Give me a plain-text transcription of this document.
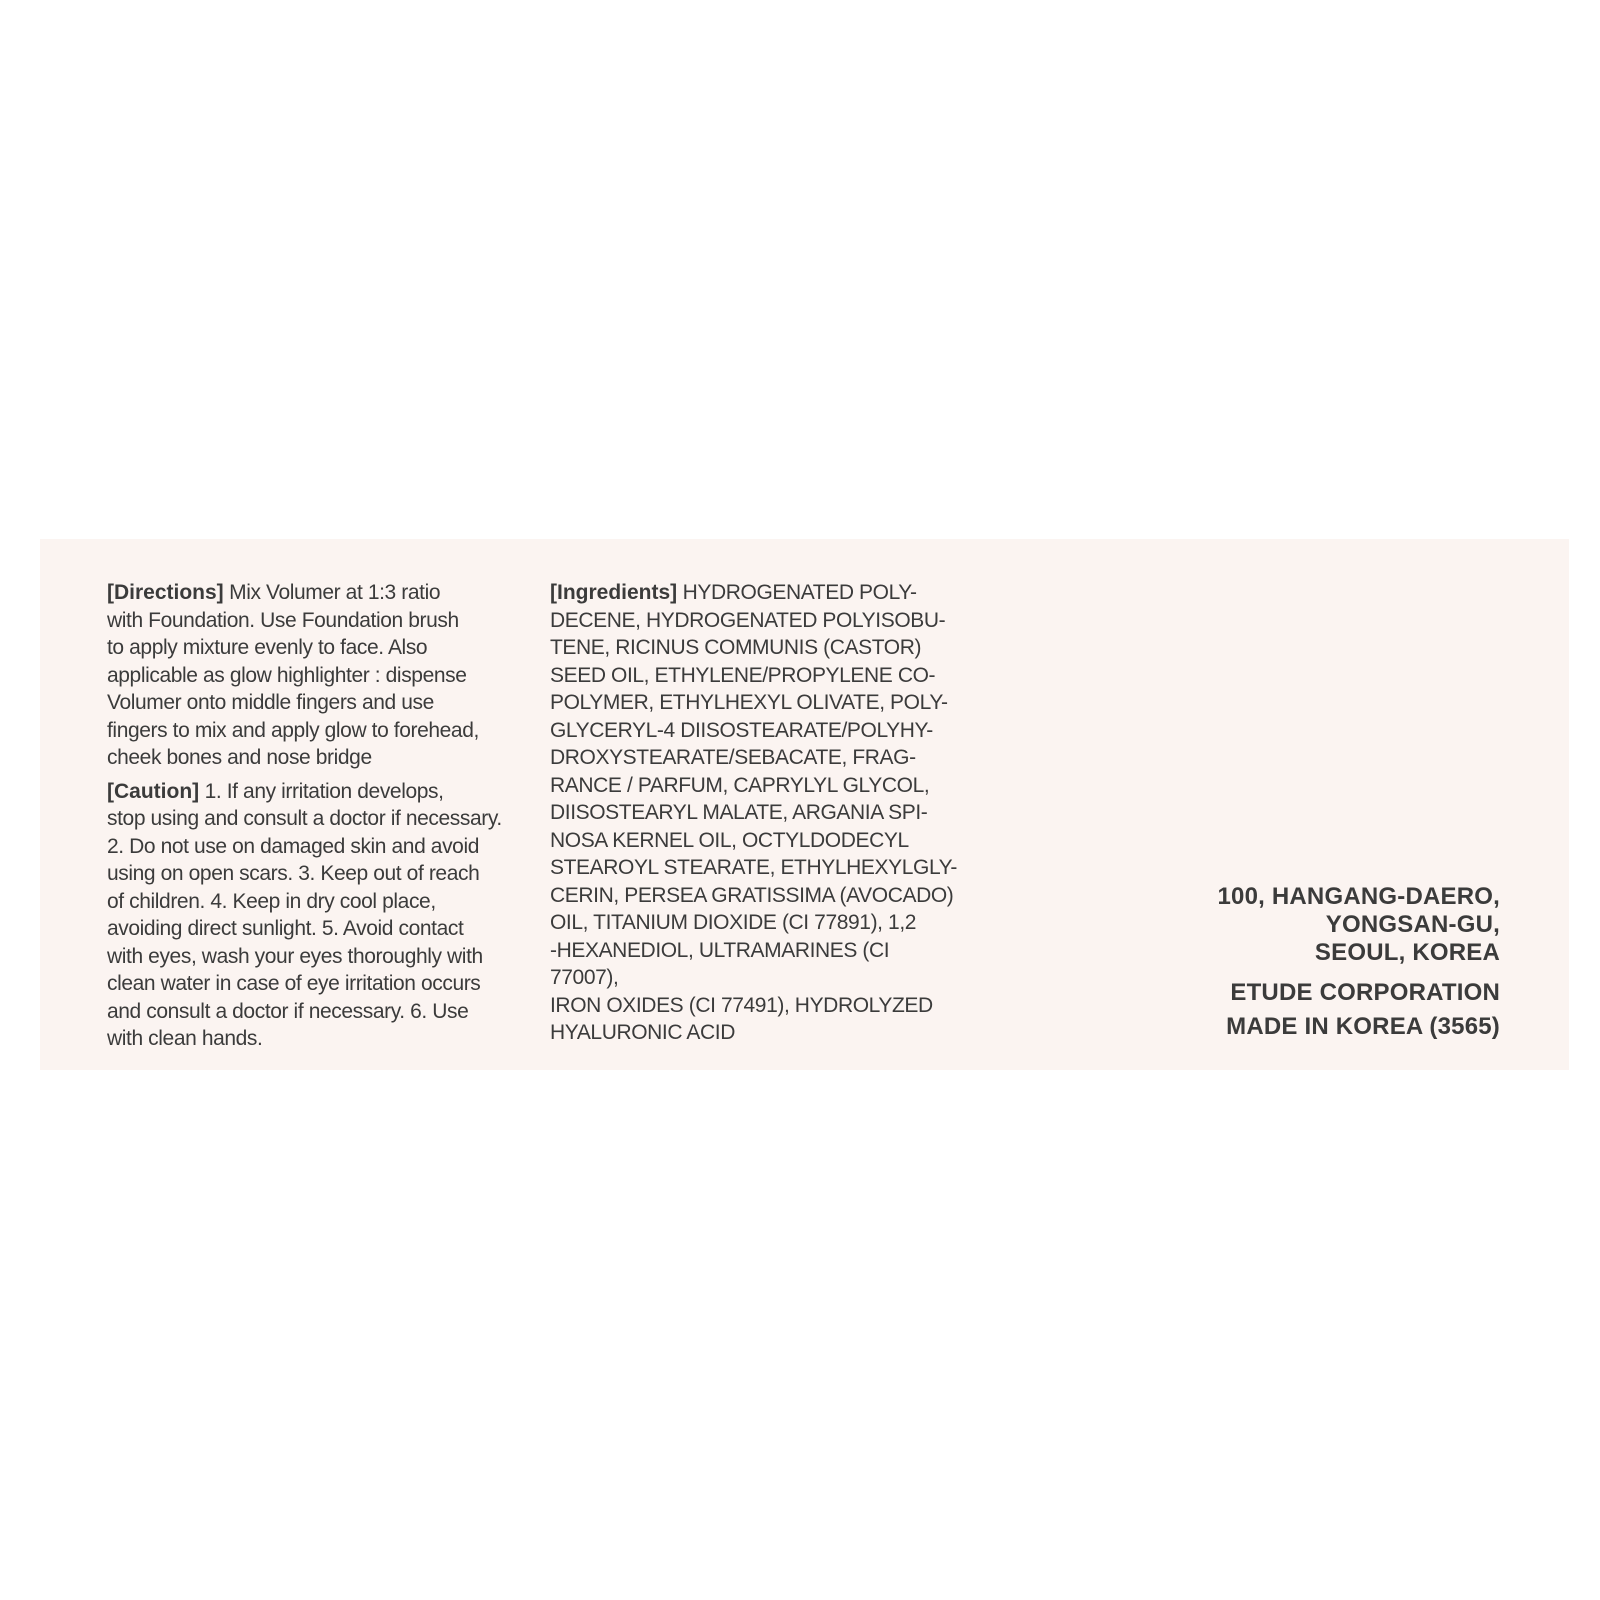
[Directions] Mix Volumer at 1:3 ratio
with Foundation. Use Foundation brush
to apply mixture evenly to face. Also
applicable as glow highlighter : dispense
Volumer onto middle fingers and use
fingers to mix and apply glow to forehead,
cheek bones and nose bridge

[Caution] 1. If any irritation develops,
stop using and consult a doctor if necessary.
2. Do not use on damaged skin and avoid
using on open scars. 3. Keep out of reach
of children. 4. Keep in dry cool place,
avoiding direct sunlight. 5. Avoid contact
with eyes, wash your eyes thoroughly with
clean water in case of eye irritation occurs
and consult a doctor if necessary. 6. Use
with clean hands.

[Ingredients] HYDROGENATED POLY-
DECENE, HYDROGENATED POLYISOBU-
TENE, RICINUS COMMUNIS (CASTOR)
SEED OIL, ETHYLENE/PROPYLENE CO-
POLYMER, ETHYLHEXYL OLIVATE, POLY-
GLYCERYL-4 DIISOSTEARATE/POLYHY-
DROXYSTEARATE/SEBACATE, FRAG-
RANCE / PARFUM, CAPRYLYL GLYCOL,
DIISOSTEARYL MALATE, ARGANIA SPI-
NOSA KERNEL OIL, OCTYLDODECYL
STEAROYL STEARATE, ETHYLHEXYLGLY-
CERIN, PERSEA GRATISSIMA (AVOCADO)
OIL, TITANIUM DIOXIDE (CI 77891), 1,2
-HEXANEDIOL, ULTRAMARINES (CI 77007),
IRON OXIDES (CI 77491), HYDROLYZED
HYALURONIC ACID

100, HANGANG-DAERO,
YONGSAN-GU,
SEOUL, KOREA

ETUDE CORPORATION
MADE IN KOREA (3565)
